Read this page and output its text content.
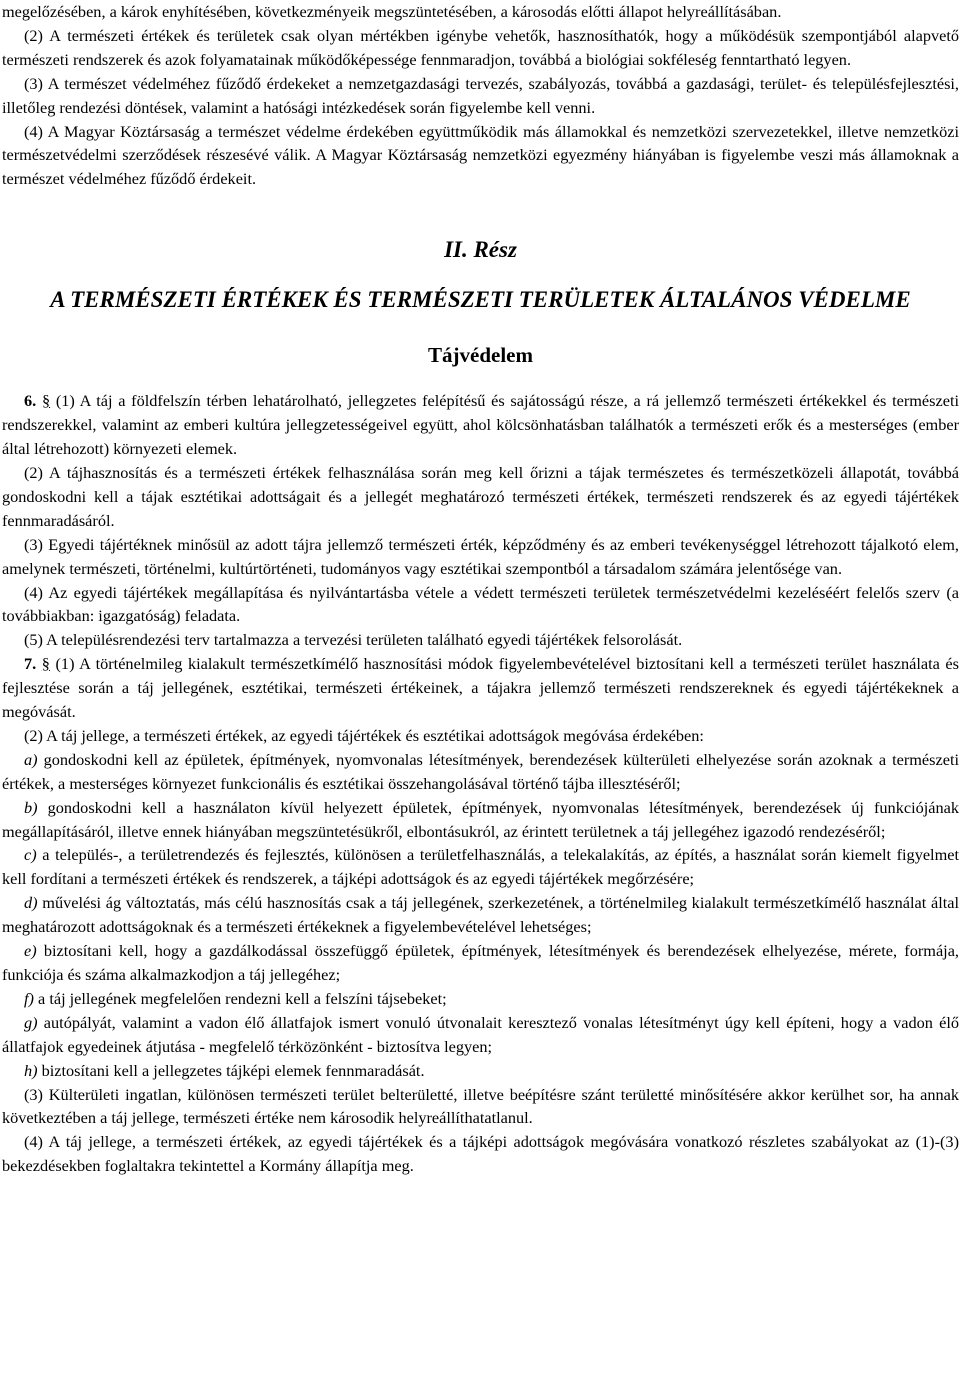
megelőzésében, a károk enyhítésében, következményeik megszüntetésében, a károsodás előtti állapot helyreállításában.

(2) A természeti értékek és területek csak olyan mértékben igénybe vehetők, hasznosíthatók, hogy a működésük szempontjából alapvető természeti rendszerek és azok folyamatainak működőképessége fennmaradjon, továbbá a biológiai sokféleség fenntartható legyen.

(3) A természet védelméhez fűződő érdekeket a nemzetgazdasági tervezés, szabályozás, továbbá a gazdasági, terület- és településfejlesztési, illetőleg rendezési döntések, valamint a hatósági intézkedések során figyelembe kell venni.

(4) A Magyar Köztársaság a természet védelme érdekében együttműködik más államokkal és nemzetközi szervezetekkel, illetve nemzetközi természetvédelmi szerződések részesévé válik. A Magyar Köztársaság nemzetközi egyezmény hiányában is figyelembe veszi más államoknak a természet védelméhez fűződő érdekeit.

II. Rész

A TERMÉSZETI ÉRTÉKEK ÉS TERMÉSZETI TERÜLETEK ÁLTALÁNOS VÉDELME

Tájvédelem

6. § (1) A táj a földfelszín térben lehatárolható, jellegzetes felépítésű és sajátosságú része, a rá jellemző természeti értékekkel és természeti rendszerekkel, valamint az emberi kultúra jellegzetességeivel együtt, ahol kölcsönhatásban találhatók a természeti erők és a mesterséges (ember által létrehozott) környezeti elemek.

(2) A tájhasznosítás és a természeti értékek felhasználása során meg kell őrizni a tájak természetes és természetközeli állapotát, továbbá gondoskodni kell a tájak esztétikai adottságait és a jellegét meghatározó természeti értékek, természeti rendszerek és az egyedi tájértékek fennmaradásáról.

(3) Egyedi tájértéknek minősül az adott tájra jellemző természeti érték, képződmény és az emberi tevékenységgel létrehozott tájalkotó elem, amelynek természeti, történelmi, kultúrtörténeti, tudományos vagy esztétikai szempontból a társadalom számára jelentősége van.

(4) Az egyedi tájértékek megállapítása és nyilvántartásba vétele a védett természeti területek természetvédelmi kezeléséért felelős szerv (a továbbiakban: igazgatóság) feladata.

(5) A településrendezési terv tartalmazza a tervezési területen található egyedi tájértékek felsorolását.

7. § (1) A történelmileg kialakult természetkímélő hasznosítási módok figyelembevételével biztosítani kell a természeti terület használata és fejlesztése során a táj jellegének, esztétikai, természeti értékeinek, a tájakra jellemző természeti rendszereknek és egyedi tájértékeknek a megóvását.

(2) A táj jellege, a természeti értékek, az egyedi tájértékek és esztétikai adottságok megóvása érdekében:

a) gondoskodni kell az épületek, építmények, nyomvonalas létesítmények, berendezések külterületi elhelyezése során azoknak a természeti értékek, a mesterséges környezet funkcionális és esztétikai összehangolásával történő tájba illesztéséről;

b) gondoskodni kell a használaton kívül helyezett épületek, építmények, nyomvonalas létesítmények, berendezések új funkciójának megállapításáról, illetve ennek hiányában megszüntetésükről, elbontásukról, az érintett területnek a táj jellegéhez igazodó rendezéséről;

c) a település-, a területrendezés és fejlesztés, különösen a területfelhasználás, a telekalakítás, az építés, a használat során kiemelt figyelmet kell fordítani a természeti értékek és rendszerek, a tájképi adottságok és az egyedi tájértékek megőrzésére;

d) művelési ág változtatás, más célú hasznosítás csak a táj jellegének, szerkezetének, a történelmileg kialakult természetkímélő használat által meghatározott adottságoknak és a természeti értékeknek a figyelembevételével lehetséges;

e) biztosítani kell, hogy a gazdálkodással összefüggő épületek, építmények, létesítmények és berendezések elhelyezése, mérete, formája, funkciója és száma alkalmazkodjon a táj jellegéhez;

f) a táj jellegének megfelelően rendezni kell a felszíni tájsebeket;

g) autópályát, valamint a vadon élő állatfajok ismert vonuló útvonalait keresztező vonalas létesítményt úgy kell építeni, hogy a vadon élő állatfajok egyedeinek átjutása - megfelelő térközönként - biztosítva legyen;

h) biztosítani kell a jellegzetes tájképi elemek fennmaradását.

(3) Külterületi ingatlan, különösen természeti terület belterületté, illetve beépítésre szánt területté minősítésére akkor kerülhet sor, ha annak következtében a táj jellege, természeti értéke nem károsodik helyreállíthatatlanul.

(4) A táj jellege, a természeti értékek, az egyedi tájértékek és a tájképi adottságok megóvására vonatkozó részletes szabályokat az (1)-(3) bekezdésekben foglaltakra tekintettel a Kormány állapítja meg.
